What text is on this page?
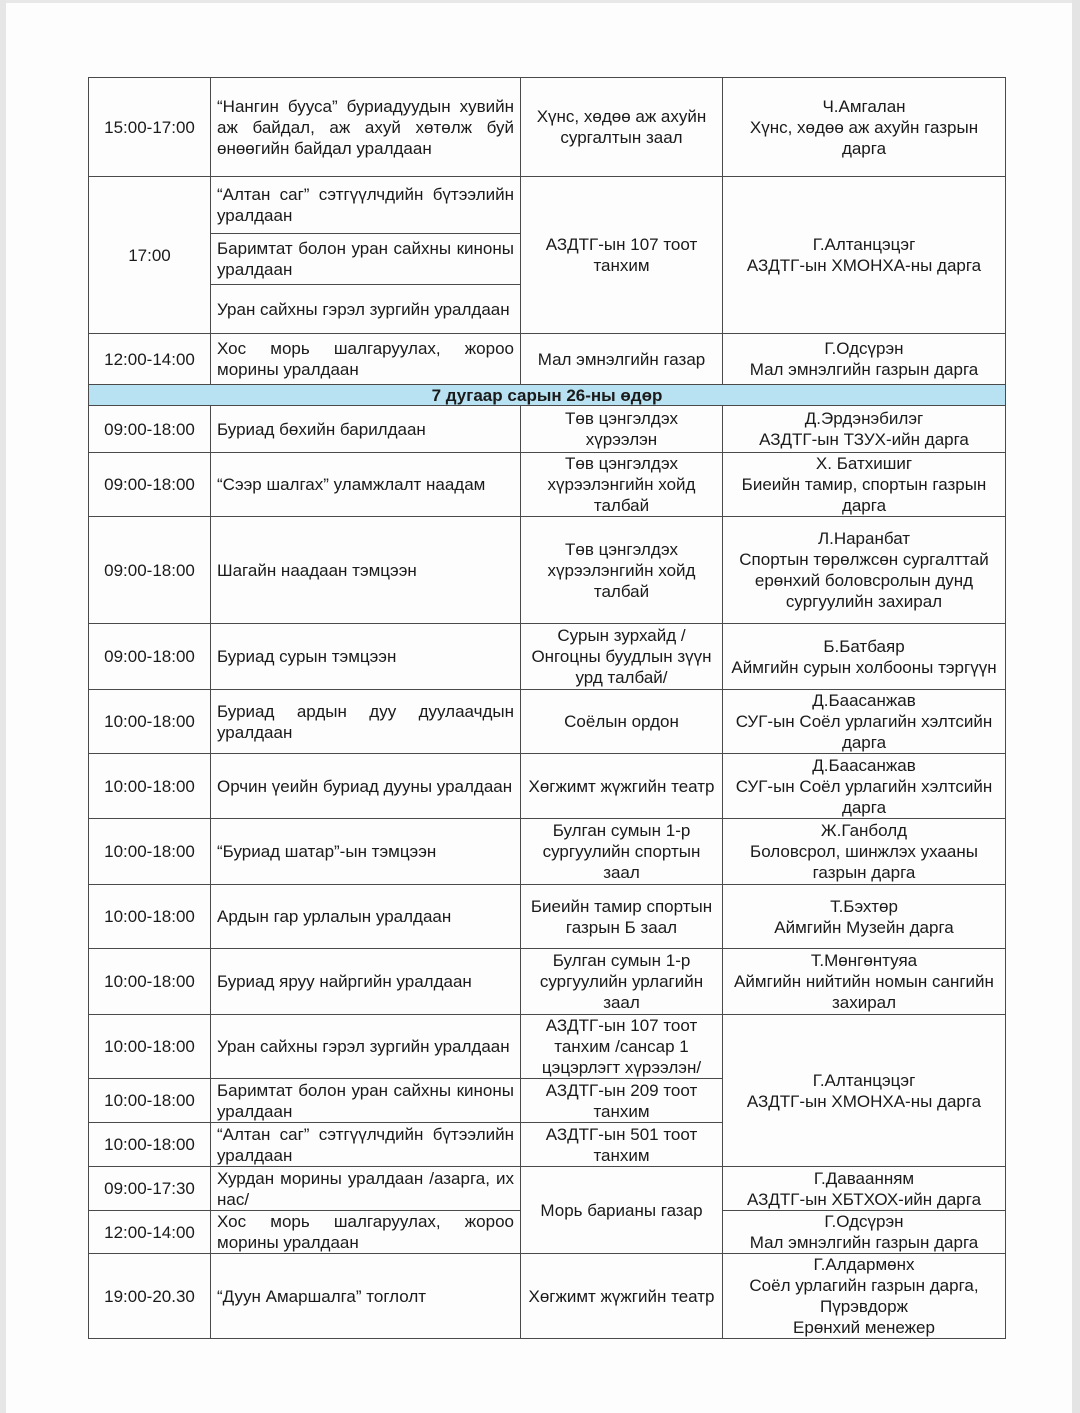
15:00-17:00	“Нангин бууса” буриадуудын хувийн аж байдал, аж ахуй хөтөлж буй өнөөгийн байдал уралдаан	Хүнс, хөдөө аж ахуйн сургалтын заал	Ч.Амгалан
Хүнс, хөдөө аж ахуйн газрын дарга

17:00	“Алтан саг” сэтгүүлчдийн бүтээлийн уралдаан	АЗДТГ-ын 107 тоот танхим	Г.Алтанцэцэг
АЗДТГ-ын ХМОНХА-ны дарга

	Баримтат болон уран сайхны киноны уралдаан		
	Уран сайхны гэрэл зургийн уралдаан		
12:00-14:00	Хос морь шалгаруулах, жороо морины уралдаан	Мал эмнэлгийн газар	Г.Одсүрэн
Мал эмнэлгийн газрын дарга

7 дугаар сарын 26-ны өдөр			
09:00-18:00	Буриад бөхийн барилдаан	Төв цэнгэлдэх хүрээлэн	Д.Эрдэнэбилэг
АЗДТГ-ын ТЗУХ-ийн дарга

09:00-18:00	“Сээр шалгах” уламжлалт наадам	Төв цэнгэлдэх хүрээлэнгийн хойд талбай	Х. Батхишиг
Биеийн тамир, спортын газрын дарга

09:00-18:00	Шагайн наадаан тэмцээн	Төв цэнгэлдэх хүрээлэнгийн хойд талбай	Л.Наранбат
Спортын төрөлжсөн сургалттай ерөнхий боловсролын дунд сургуулийн захирал

09:00-18:00	Буриад сурын тэмцээн	Сурын зурхайд /Онгоцны буудлын зүүн урд талбай/	Б.Батбаяр
Аймгийн сурын холбооны тэргүүн

10:00-18:00	Буриад ардын дуу дуулаачдын уралдаан	Соёлын ордон	Д.Баасанжав
СУГ-ын Соёл урлагийн хэлтсийн дарга

10:00-18:00	Орчин үеийн буриад дууны уралдаан	Хөгжимт жүжгийн театр	Д.Баасанжав
СУГ-ын Соёл урлагийн хэлтсийн дарга

10:00-18:00	“Буриад шатар”-ын тэмцээн	Булган сумын 1-р сургуулийн спортын заал	Ж.Ганболд
Боловсрол, шинжлэх ухааны газрын дарга

10:00-18:00	Ардын гар урлалын уралдаан	Биеийн тамир спортын газрын Б заал	Т.Бэхтөр
Аймгийн Музейн дарга

10:00-18:00	Буриад яруу найргийн уралдаан	Булган сумын 1-р сургуулийн урлагийн заал	Т.Мөнгөнтуяа
Аймгийн нийтийн номын сангийн захирал

10:00-18:00	Уран сайхны гэрэл зургийн уралдаан	АЗДТГ-ын 107 тоот танхим /сансар 1 цэцэрлэгт хүрээлэн/	Г.Алтанцэцэг
АЗДТГ-ын ХМОНХА-ны дарга

10:00-18:00	Баримтат болон уран сайхны киноны уралдаан	АЗДТГ-ын 209 тоот танхим	
10:00-18:00	“Алтан саг” сэтгүүлчдийн бүтээлийн уралдаан	АЗДТГ-ын 501 тоот танхим	
09:00-17:30	Хурдан морины уралдаан /азарга, их нас/	Морь барианы газар	Г.Даваанням
АЗДТГ-ын ХБТХОХ-ийн дарга

12:00-14:00	Хос морь шалгаруулах, жороо морины уралдаан		Г.Одсүрэн
Мал эмнэлгийн газрын дарга

19:00-20.30	“Дуун Амаршалга” тоглолт	Хөгжимт жүжгийн театр	Г.Алдармөнх
Соёл урлагийн газрын дарга,
Пүрэвдорж
Ерөнхий менежер
